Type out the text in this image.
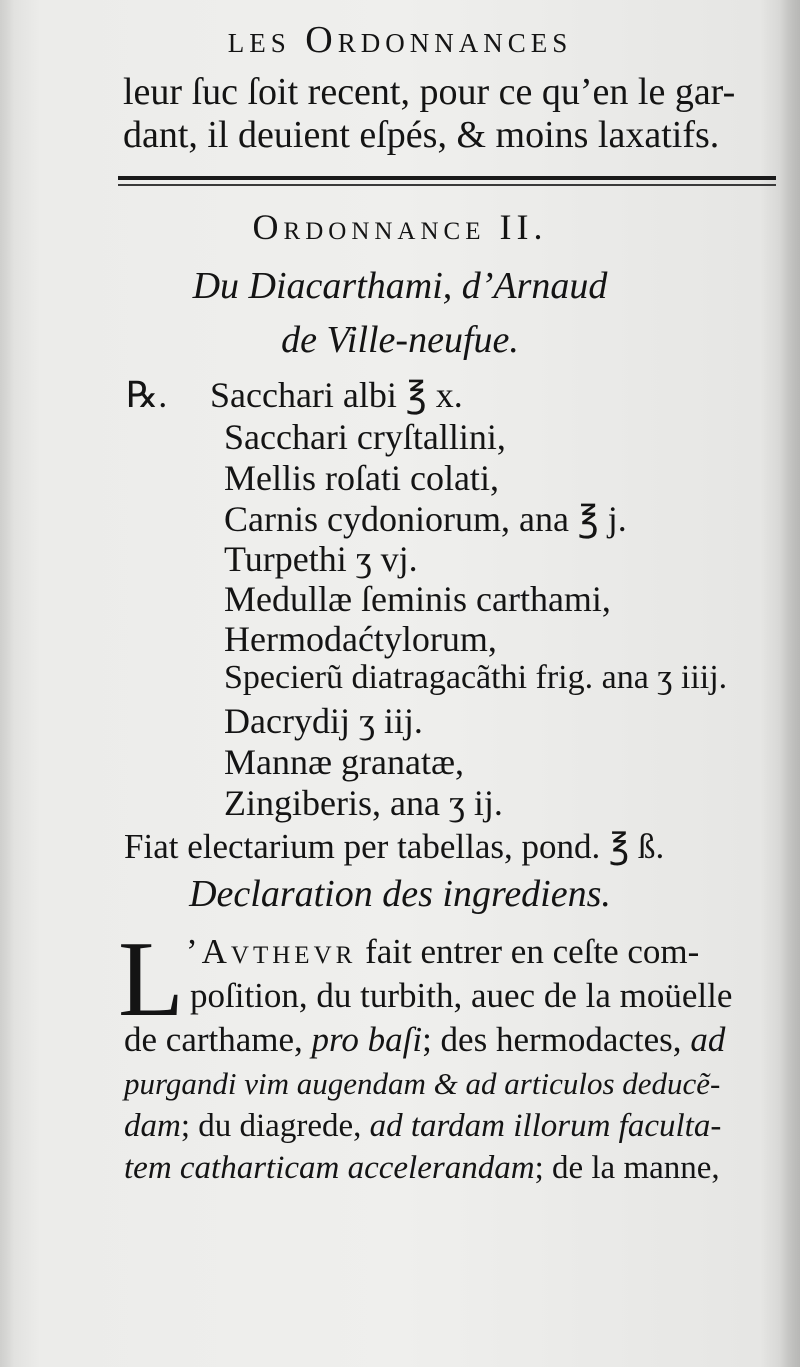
les Ordonnances
leur ſuc ſoit recent, pour ce qu’en le gar-
dant, il deuient eſpés, & moins laxatifs.
Ordonnance II.
Du Diacarthami, d’Arnaud
de Ville-neufue.
℞. Sacchari albi ℥ x.
Sacchari cryſtallini,
Mellis roſati colati,
Carnis cydoniorum, ana ℥ j.
Turpethi ʒ vj.
Medullæ ſeminis carthami,
Hermodaćtylorum,
Specierũ diatragacãthi frig. ana ʒ iiij.
Dacrydij ʒ iij.
Mannæ granatæ,
Zingiberis, ana ʒ ij.
Fiat electarium per tabellas, pond. ℥ ß.
Declaration des ingrediens.
L ’Avthevr fait entrer en ceſte com-
poſition, du turbith, auec de la moüelle
de carthame, pro baſi; des hermodactes, ad
purgandi vim augendam & ad articulos deducẽ-
dam; du diagrede, ad tardam illorum faculta-
tem catharticam accelerandam; de la manne,
